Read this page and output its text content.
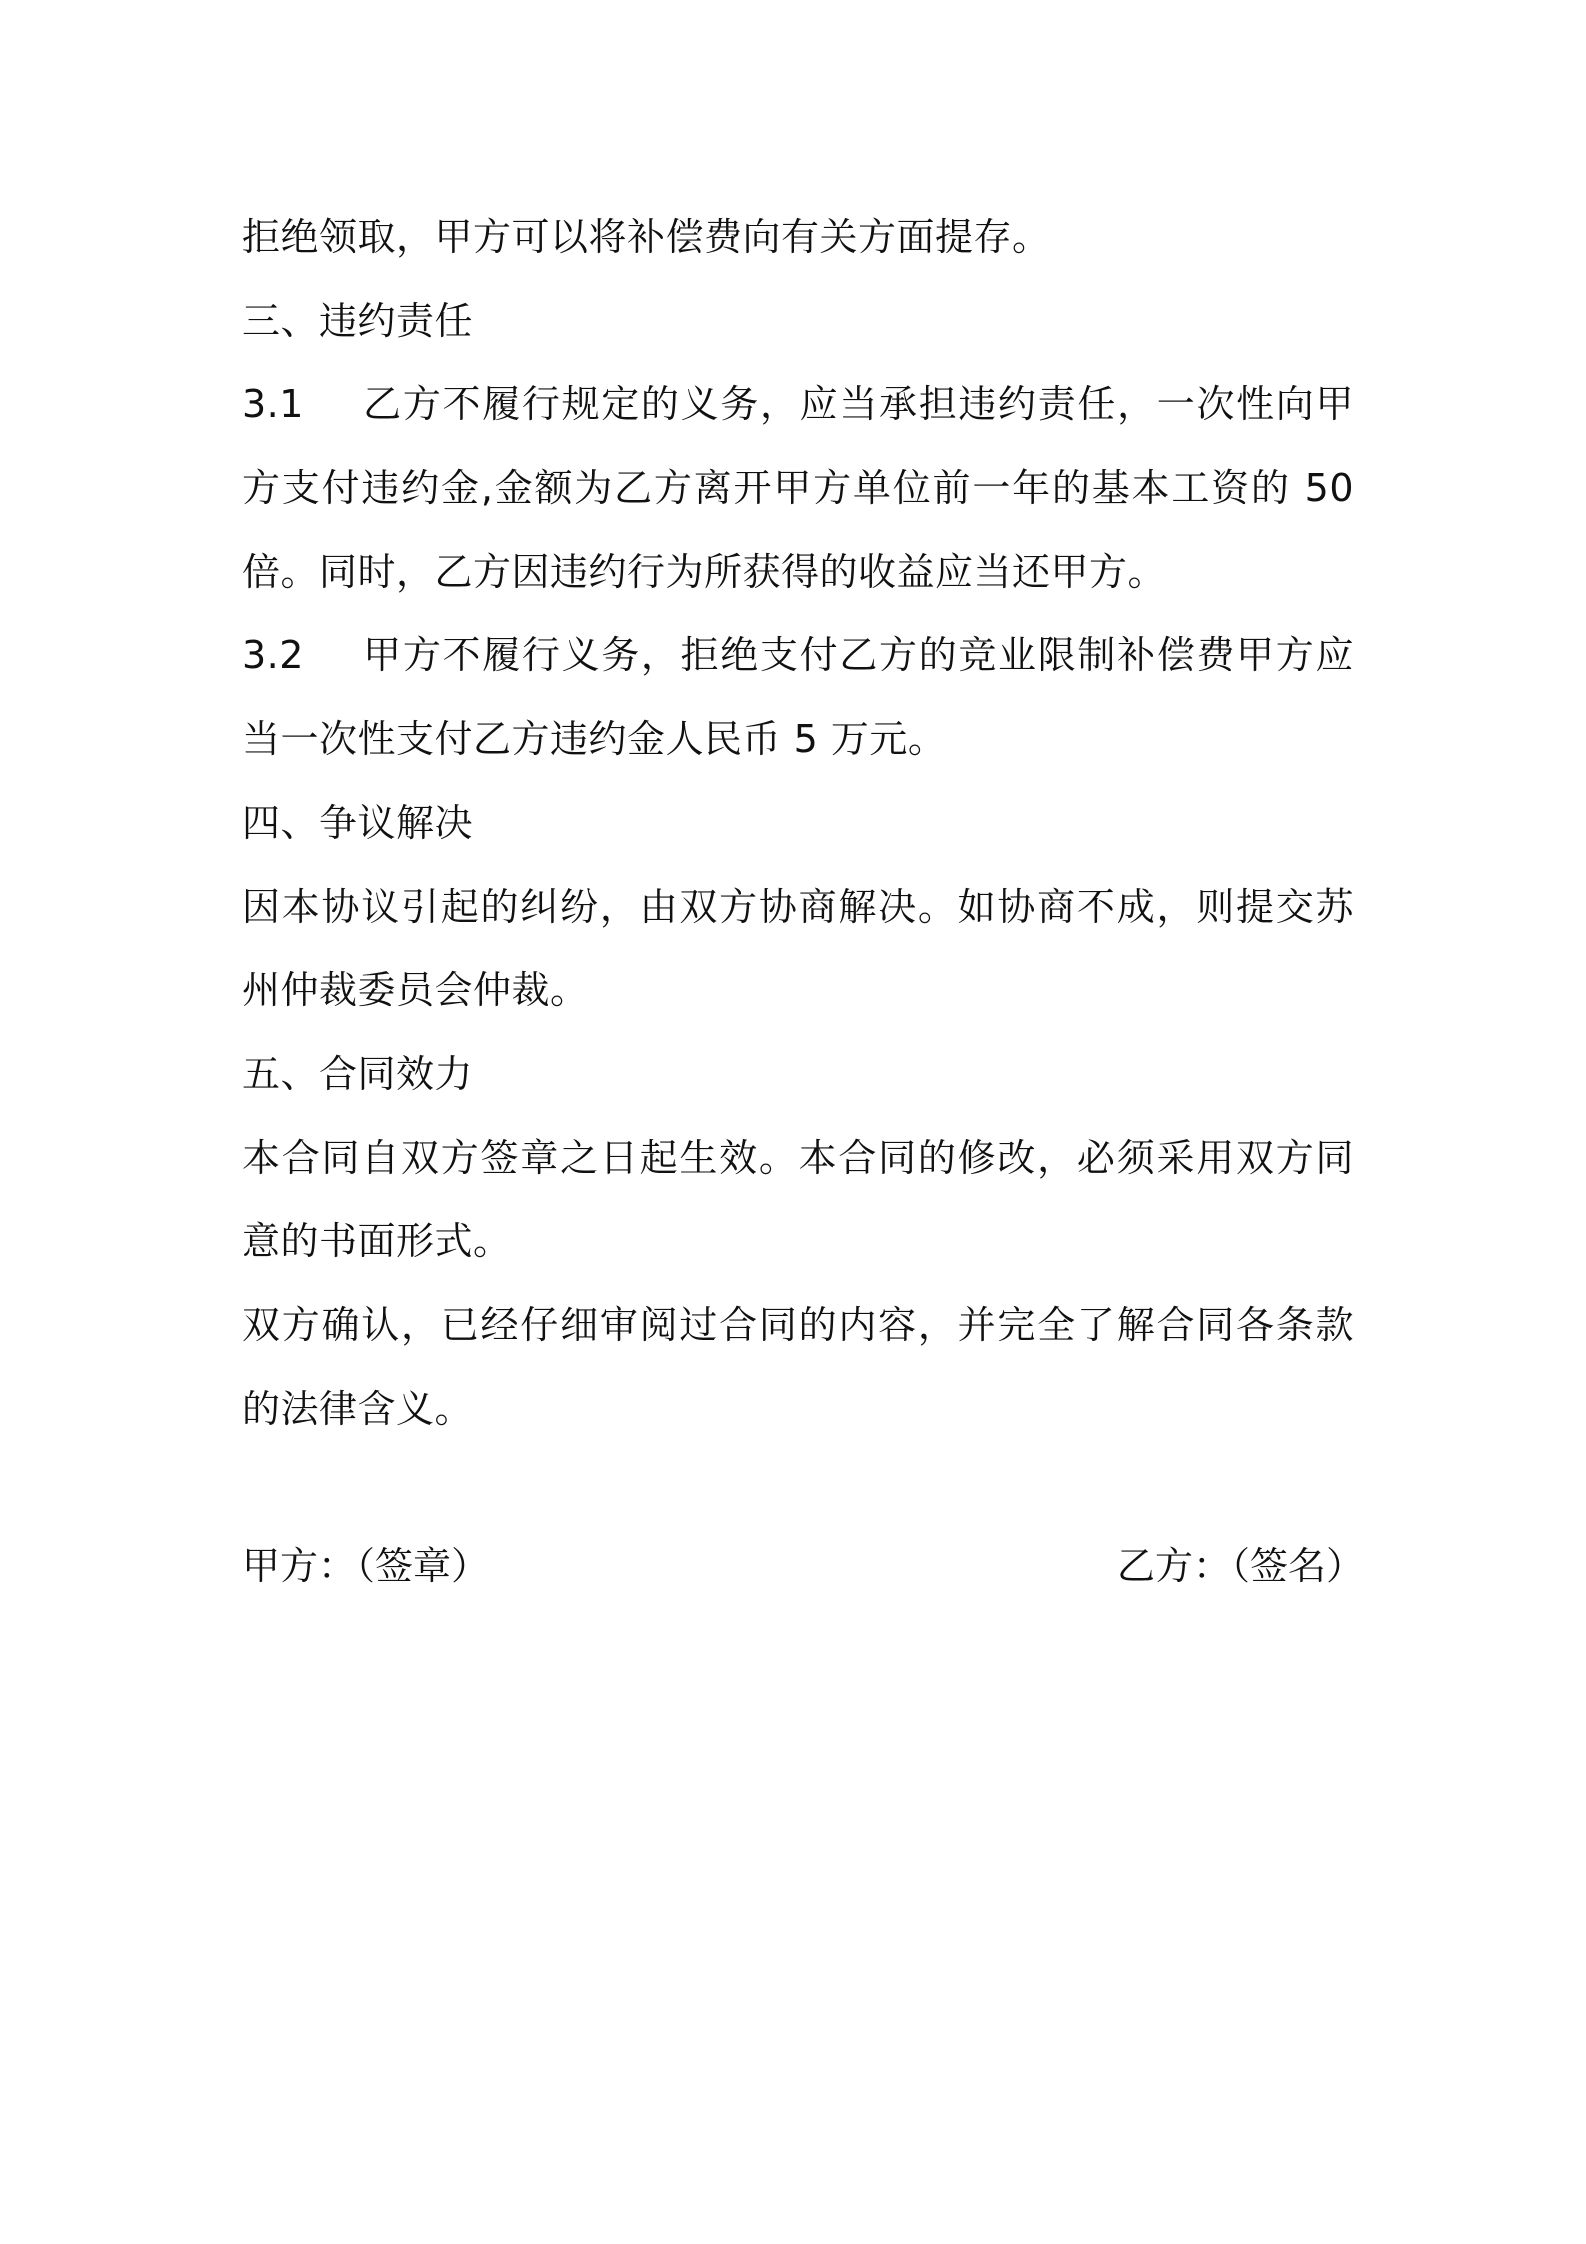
拒绝领取，甲方可以将补偿费向有关方面提存。
三、违约责任
3.1 乙方不履行规定的义务，应当承担违约责任，一次性向甲
方支付违约金,金额为乙方离开甲方单位前一年的基本工资的 50
倍。同时，乙方因违约行为所获得的收益应当还甲方。
3.2 甲方不履行义务，拒绝支付乙方的竞业限制补偿费甲方应
当一次性支付乙方违约金人民币 5 万元。
四、争议解决
因本协议引起的纠纷，由双方协商解决。如协商不成，则提交苏
州仲裁委员会仲裁。
五、合同效力
本合同自双方签章之日起生效。本合同的修改，必须采用双方同
意的书面形式。
双方确认，已经仔细审阅过合同的内容，并完全了解合同各条款
的法律含义。
甲方：（签章）	乙方：（签名）
